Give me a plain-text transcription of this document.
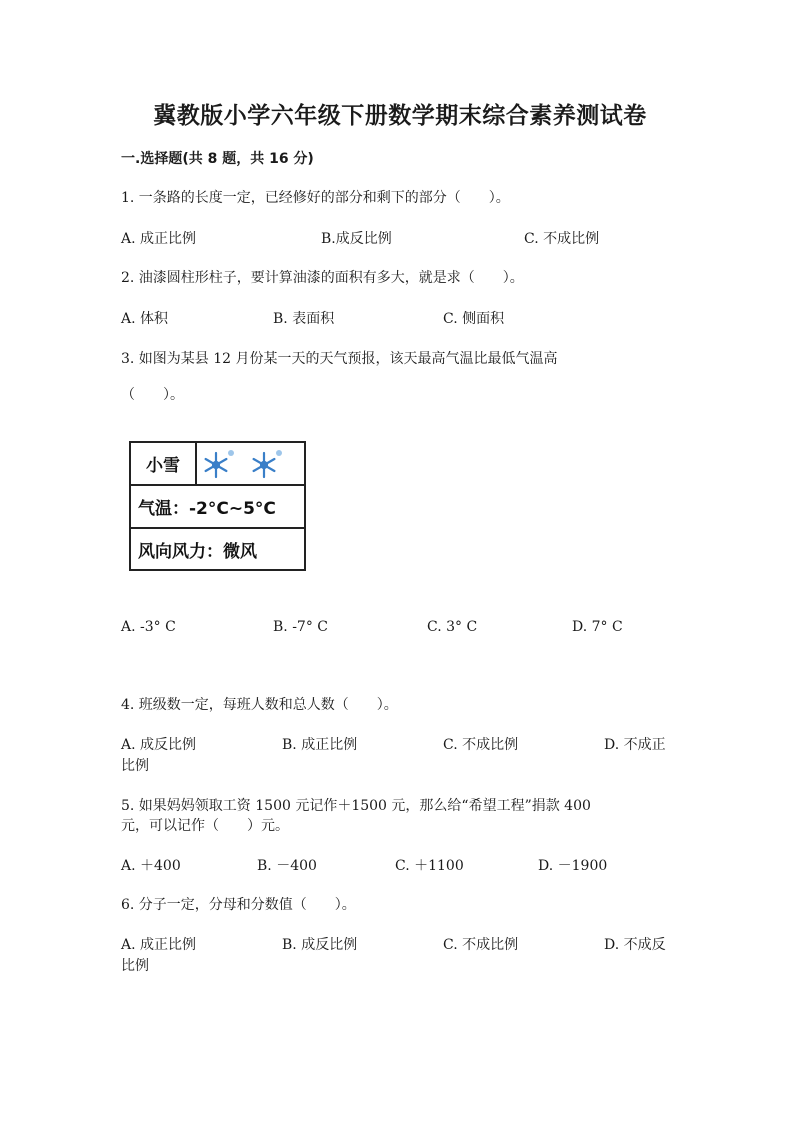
冀教版小学六年级下册数学期末综合素养测试卷
一.选择题(共 8 题，共 16 分)
1. 一条路的长度一定，已经修好的部分和剩下的部分（　　）。
A. 成正比例	B.成反比例	C. 不成比例
2. 油漆圆柱形柱子，要计算油漆的面积有多大，就是求（　　）。
A. 体积	B. 表面积	C. 侧面积
3. 如图为某县 12 月份某一天的天气预报，该天最高气温比最低气温高
（　　）。
小雪
气温：-2°C~5°C
风向风力：微风
A. -3° C	B. -7° C	C. 3° C	D. 7° C
4. 班级数一定，每班人数和总人数（　　）。
A. 成反比例	B. 成正比例	C. 不成比例	D. 不成正
比例
5. 如果妈妈领取工资 1500 元记作＋1500 元，那么给“希望工程”捐款 400
元，可以记作（　　）元。
A. ＋400	B. －400	C. ＋1100	D. －1900
6. 分子一定，分母和分数值（　　）。
A. 成正比例	B. 成反比例	C. 不成比例	D. 不成反
比例
